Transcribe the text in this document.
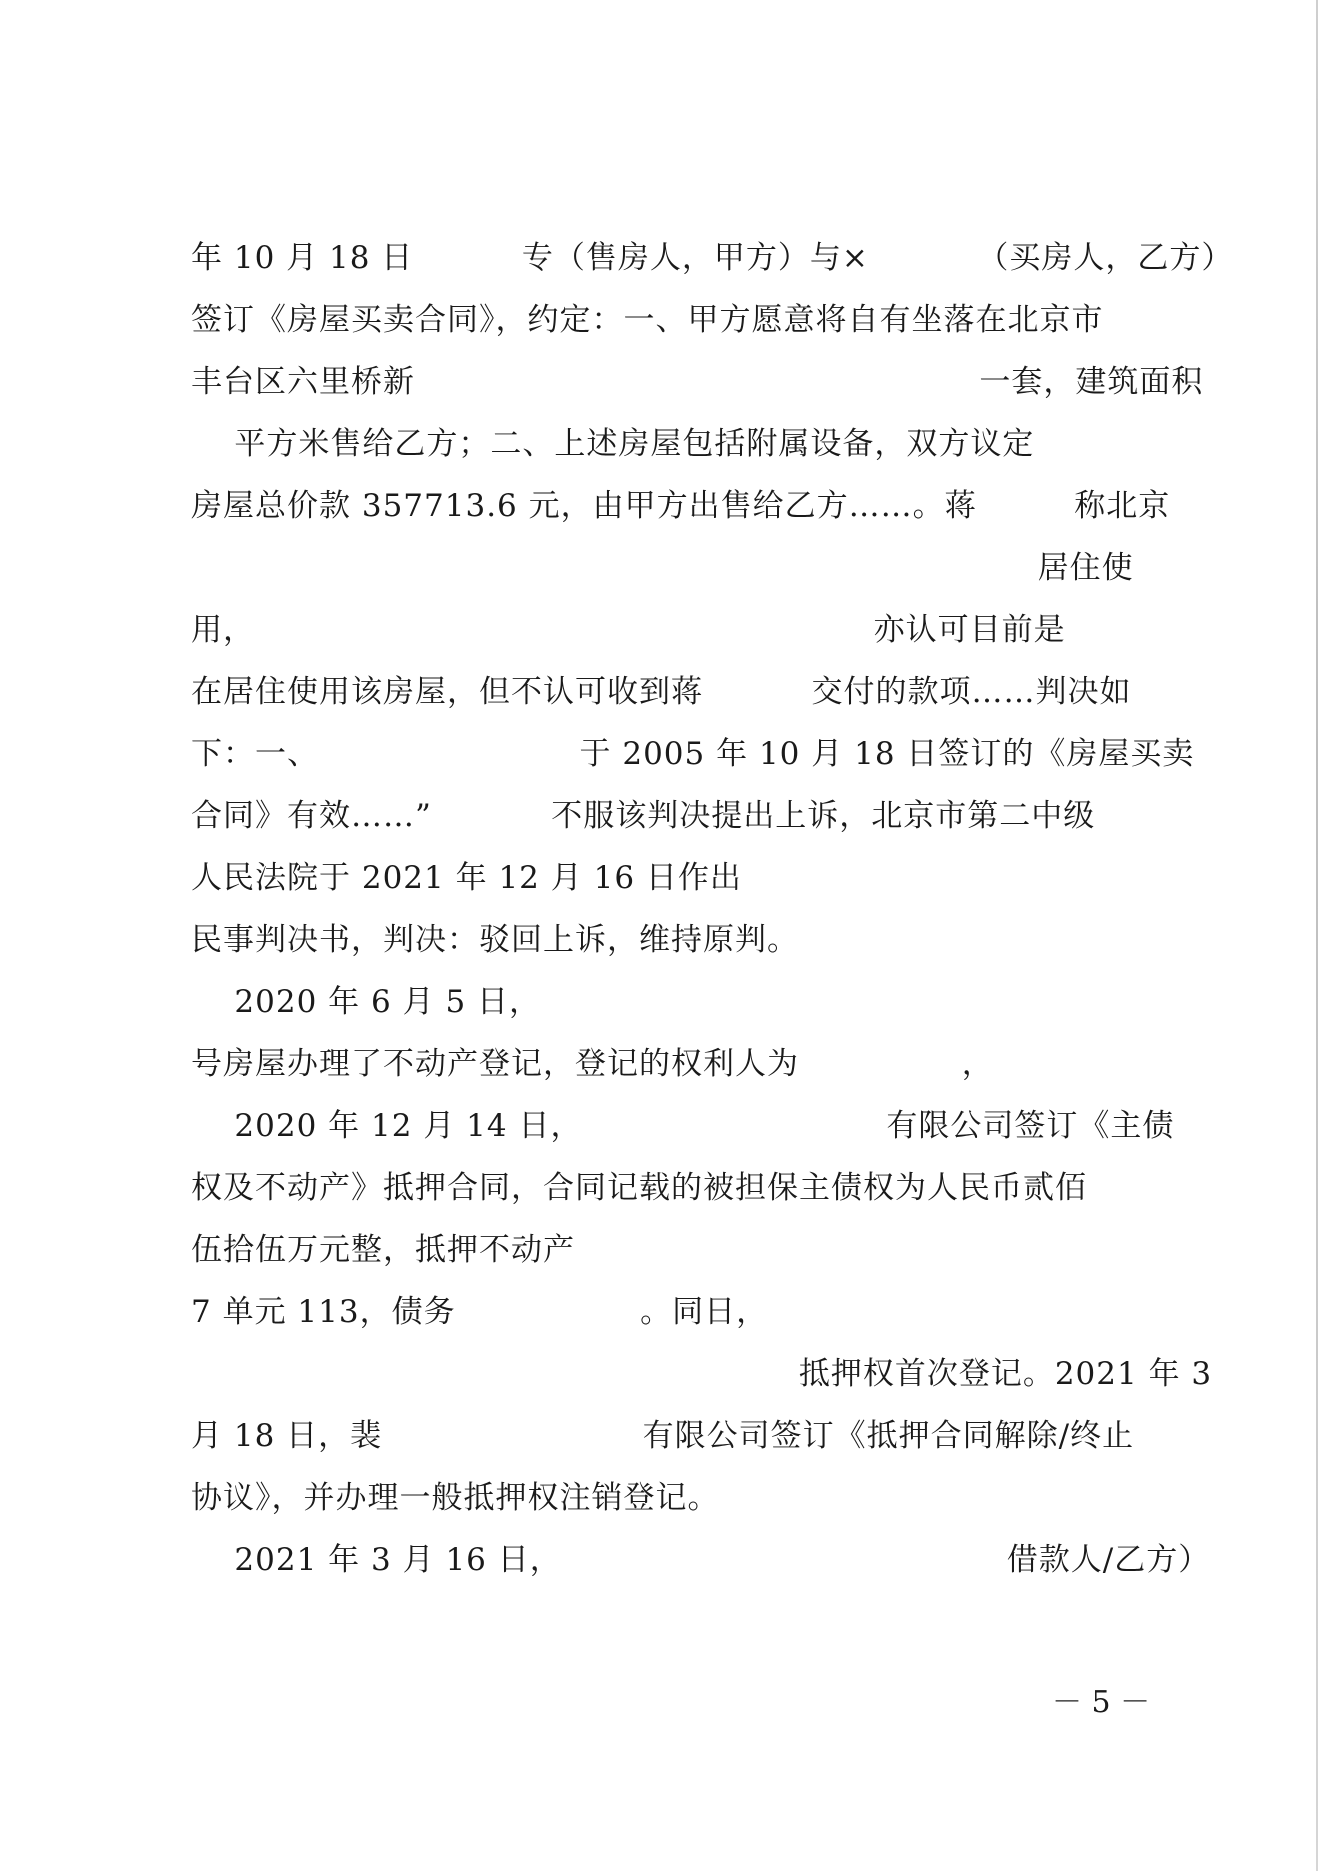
年 10 月 18 日          专（售房人，甲方）与×          （买房人，乙方）
签订《房屋买卖合同》，约定：一、甲方愿意将自有坐落在北京市
丰台区六里桥新                                                    一套，建筑面积
平方米售给乙方；二、上述房屋包括附属设备，双方议定
房屋总价款 357713.6 元，由甲方出售给乙方……。蒋         称北京
居住使
用，                                                         亦认可目前是
在居住使用该房屋，但不认可收到蒋          交付的款项……判决如
下：一、                        于 2005 年 10 月 18 日签订的《房屋买卖
合同》有效……”           不服该判决提出上诉，北京市第二中级
人民法院于 2021 年 12 月 16 日作出
民事判决书，判决：驳回上诉，维持原判。
2020 年 6 月 5 日，
号房屋办理了不动产登记，登记的权利人为               ，
2020 年 12 月 14 日，                            有限公司签订《主债
权及不动产》抵押合同，合同记载的被担保主债权为人民币贰佰
伍拾伍万元整，抵押不动产
7 单元 113，债务                 。同日，
抵押权首次登记。2021 年 3
月 18 日，裴                        有限公司签订《抵押合同解除/终止
协议》，并办理一般抵押权注销登记。
2021 年 3 月 16 日，                                         借款人/乙方）
－ 5 －
